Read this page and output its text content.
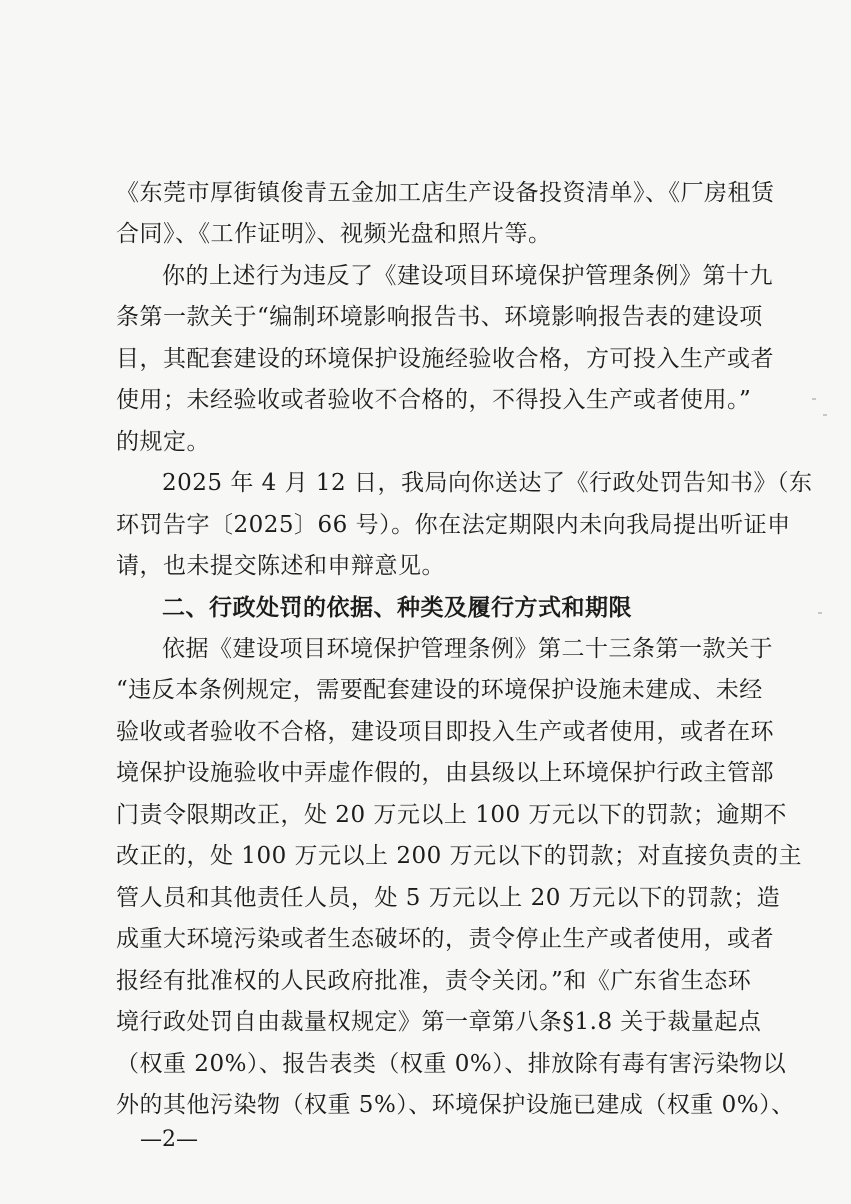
《东莞市厚街镇俊青五金加工店生产设备投资清单》、《厂房租赁
合同》、《工作证明》、视频光盘和照片等。
你的上述行为违反了《建设项目环境保护管理条例》第十九
条第一款关于“编制环境影响报告书、环境影响报告表的建设项
目，其配套建设的环境保护设施经验收合格，方可投入生产或者
使用；未经验收或者验收不合格的，不得投入生产或者使用。”
的规定。
2025 年 4 月 12 日，我局向你送达了《行政处罚告知书》（东
环罚告字〔2025〕66 号）。你在法定期限内未向我局提出听证申
请，也未提交陈述和申辩意见。
二、行政处罚的依据、种类及履行方式和期限
依据《建设项目环境保护管理条例》第二十三条第一款关于
“违反本条例规定，需要配套建设的环境保护设施未建成、未经
验收或者验收不合格，建设项目即投入生产或者使用，或者在环
境保护设施验收中弄虚作假的，由县级以上环境保护行政主管部
门责令限期改正，处 20 万元以上 100 万元以下的罚款；逾期不
改正的，处 100 万元以上 200 万元以下的罚款；对直接负责的主
管人员和其他责任人员，处 5 万元以上 20 万元以下的罚款；造
成重大环境污染或者生态破坏的，责令停止生产或者使用，或者
报经有批准权的人民政府批准，责令关闭。”和《广东省生态环
境行政处罚自由裁量权规定》第一章第八条§1.8 关于裁量起点
（权重 20%）、报告表类（权重 0%）、排放除有毒有害污染物以
外的其他污染物（权重 5%）、环境保护设施已建成（权重 0%）、
—2—
